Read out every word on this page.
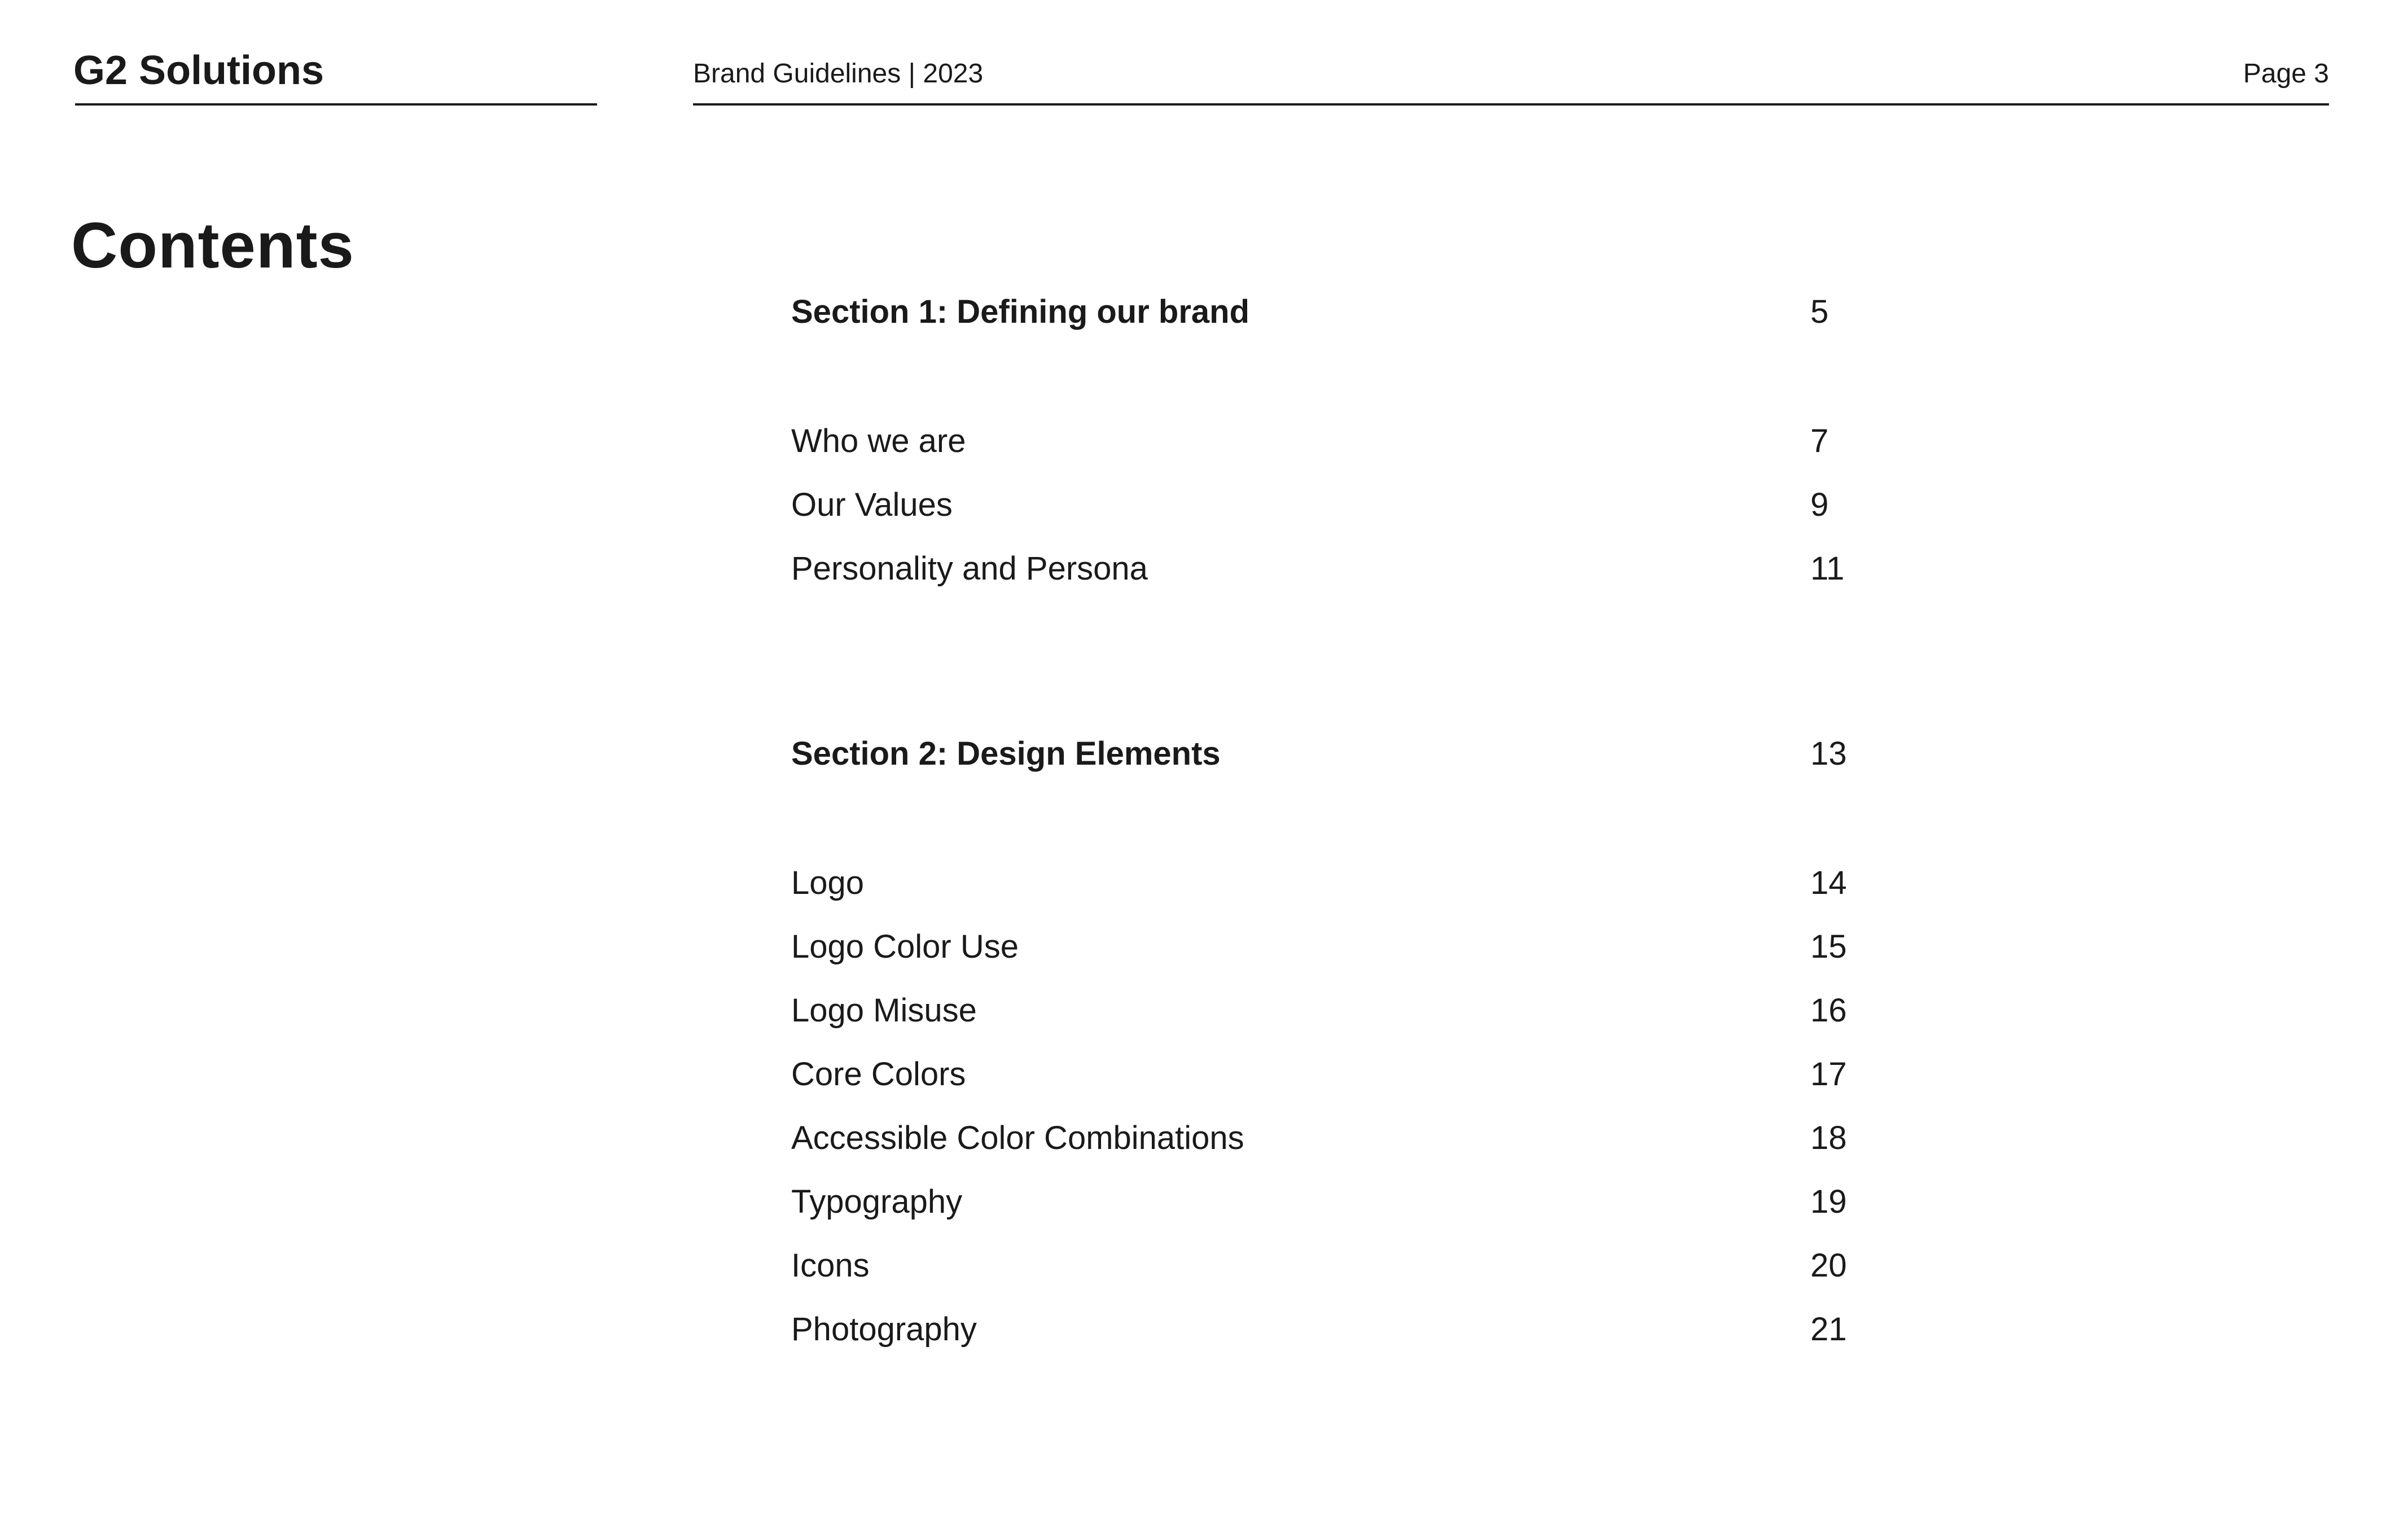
G2 Solutions	Brand Guidelines | 2023	Page 3
Contents
Section 1: Defining our brand	5
Who we are	7
Our Values	9
Personality and Persona	11
Section 2: Design Elements	13
Logo	14
Logo Color Use	15
Logo Misuse	16
Core Colors	17
Accessible Color Combinations	18
Typography	19
Icons	20
Photography	21
